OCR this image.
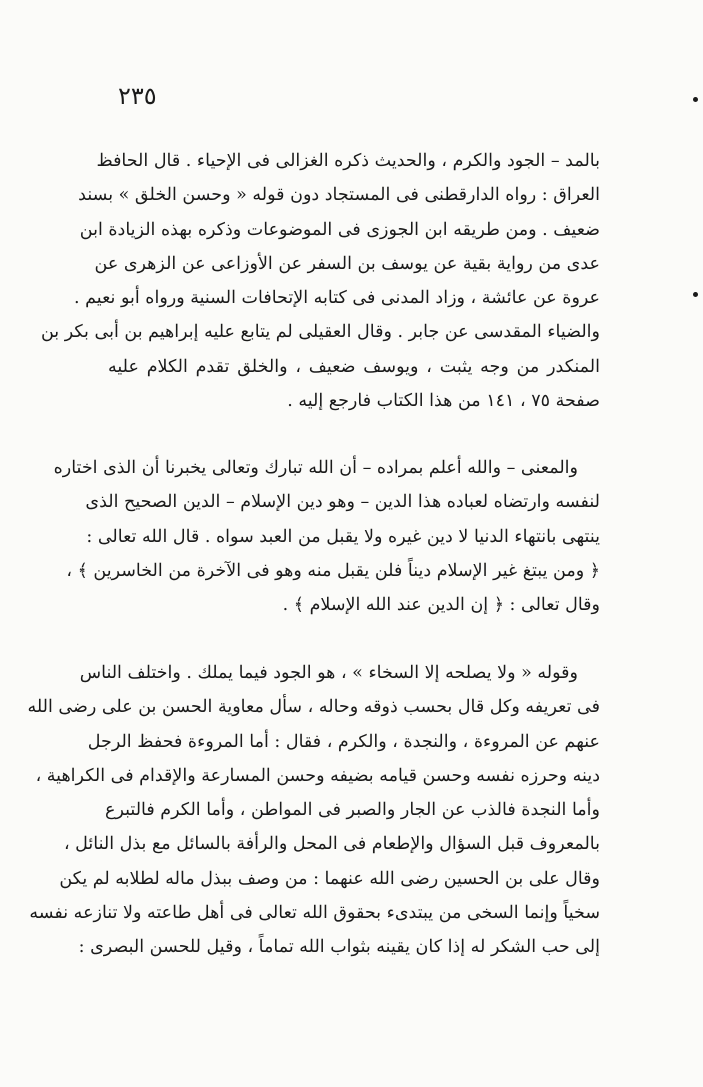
٢٣٥
بالمد – الجود والكرم ، والحديث ذكره الغزالى فى الإحياء . قال الحافظ
العراق : رواه الدارقطنى فى المستجاد دون قوله « وحسن الخلق » بسند
ضعيف . ومن طريقه ابن الجوزى فى الموضوعات وذكره بهذه الزيادة ابن
عدى من رواية بقية عن يوسف بن السفر عن الأوزاعى عن الزهرى عن
عروة عن عائشة ، وزاد المدنى فى كتابه الإتحافات السنية ورواه أبو نعيم .
والضياء المقدسى عن جابر . وقال العقيلى لم يتابع عليه إبراهيم بن أبى بكر بن
المنكدر من وجه يثبت ، ويوسف ضعيف ، والخلق تقدم الكلام عليه
صفحة ٧٥ ، ١٤١ من هذا الكتاب فارجع إليه .
والمعنى – والله أعلم بمراده – أن الله تبارك وتعالى يخبرنا أن الذى اختاره
لنفسه وارتضاه لعباده هذا الدين – وهو دين الإسلام – الدين الصحيح الذى
ينتهى بانتهاء الدنيا لا دين غيره ولا يقبل من العبد سواه . قال الله تعالى :
﴿ ومن يبتغ غير الإسلام ديناً فلن يقبل منه وهو فى الآخرة من الخاسرين ﴾ ،
وقال تعالى : ﴿ إن الدين عند الله الإسلام ﴾ .
وقوله « ولا يصلحه إلا السخاء » ، هو الجود فيما يملك . واختلف الناس
فى تعريفه وكل قال بحسب ذوقه وحاله ، سأل معاوية الحسن بن على رضى الله
عنهم عن المروءة ، والنجدة ، والكرم ، فقال : أما المروءة فحفظ الرجل
دينه وحرزه نفسه وحسن قيامه بضيفه وحسن المسارعة والإقدام فى الكراهية ،
وأما النجدة فالذب عن الجار والصبر فى المواطن ، وأما الكرم فالتبرع
بالمعروف قبل السؤال والإطعام فى المحل والرأفة بالسائل مع بذل النائل ،
وقال على بن الحسين رضى الله عنهما : من وصف ببذل ماله لطلابه لم يكن
سخياً وإنما السخى من يبتدىء بحقوق الله تعالى فى أهل طاعته ولا تنازعه نفسه
إلى حب الشكر له إذا كان يقينه بثواب الله تماماً ، وقيل للحسن البصرى :
